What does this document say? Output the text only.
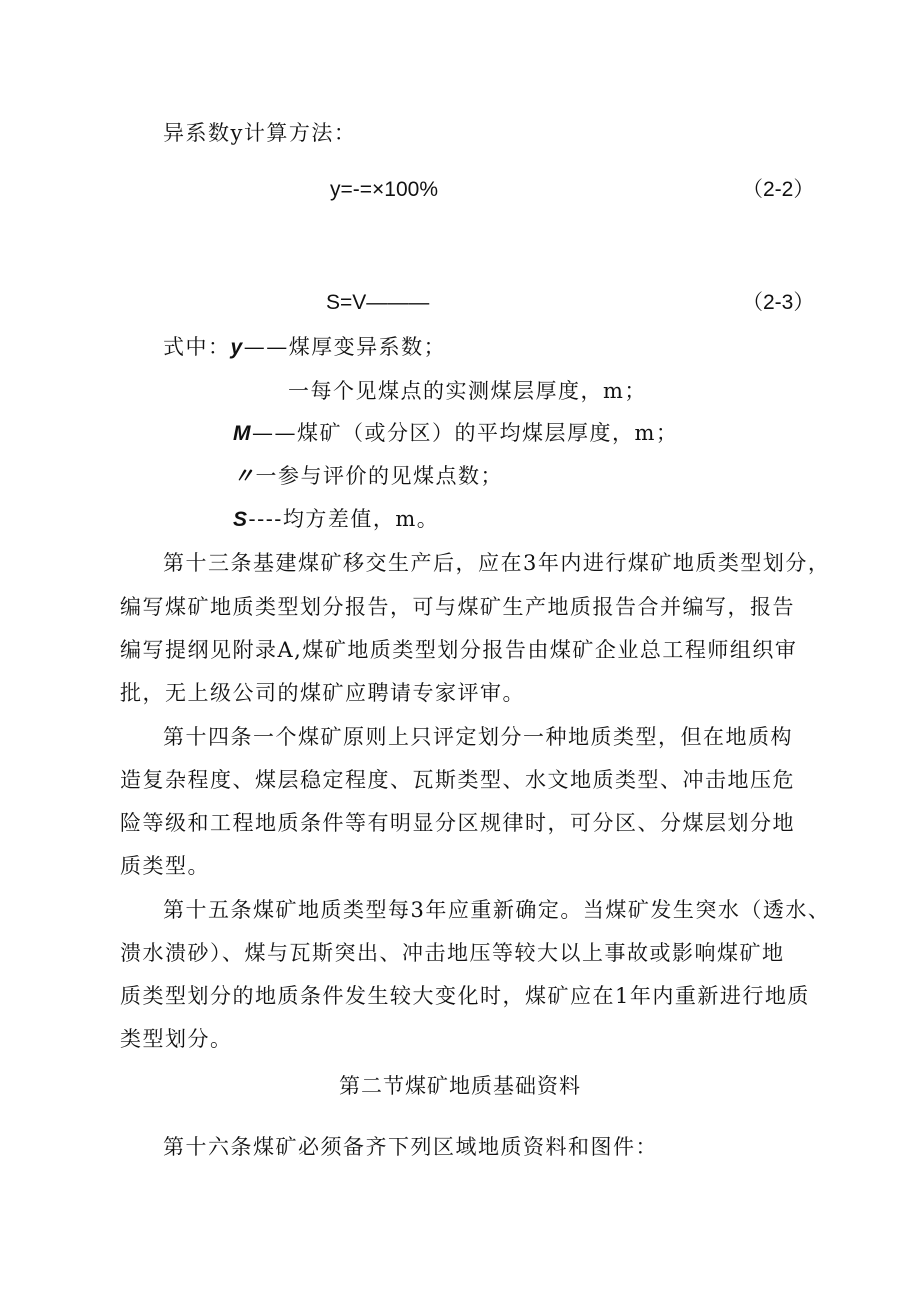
异系数y计算方法：
y=-=×100%	（2-2）
S=V———	（2-3）
式中：y——煤厚变异系数；
一每个见煤点的实测煤层厚度，m；
M——煤矿（或分区）的平均煤层厚度，m；
〃一参与评价的见煤点数；
S----均方差值，m。
第十三条基建煤矿移交生产后，应在3年内进行煤矿地质类型划分，
编写煤矿地质类型划分报告，可与煤矿生产地质报告合并编写，报告
编写提纲见附录A,煤矿地质类型划分报告由煤矿企业总工程师组织审
批，无上级公司的煤矿应聘请专家评审。
第十四条一个煤矿原则上只评定划分一种地质类型，但在地质构
造复杂程度、煤层稳定程度、瓦斯类型、水文地质类型、冲击地压危
险等级和工程地质条件等有明显分区规律时，可分区、分煤层划分地
质类型。
第十五条煤矿地质类型每3年应重新确定。当煤矿发生突水（透水、
溃水溃砂）、煤与瓦斯突出、冲击地压等较大以上事故或影响煤矿地
质类型划分的地质条件发生较大变化时，煤矿应在1年内重新进行地质
类型划分。
第二节煤矿地质基础资料
第十六条煤矿必须备齐下列区域地质资料和图件：
